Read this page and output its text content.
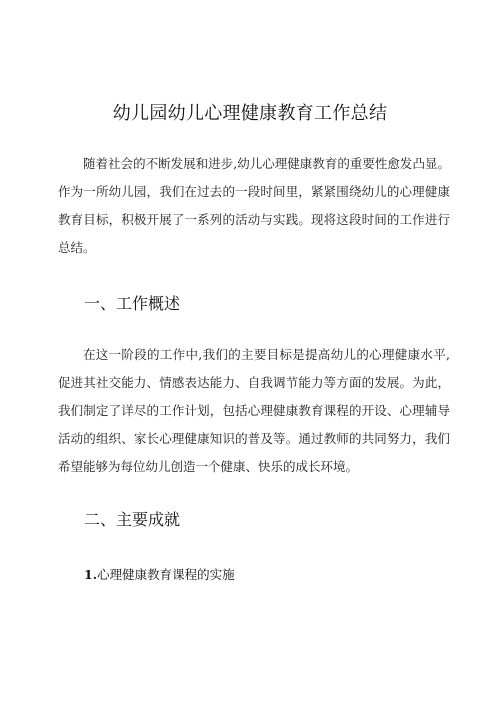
幼儿园幼儿心理健康教育工作总结

随着社会的不断发展和进步,幼儿心理健康教育的重要性愈发凸显。作为一所幼儿园，我们在过去的一段时间里，紧紧围绕幼儿的心理健康教育目标，积极开展了一系列的活动与实践。现将这段时间的工作进行总结。

一、工作概述

在这一阶段的工作中,我们的主要目标是提高幼儿的心理健康水平,促进其社交能力、情感表达能力、自我调节能力等方面的发展。为此，我们制定了详尽的工作计划，包括心理健康教育课程的开设、心理辅导活动的组织、家长心理健康知识的普及等。通过教师的共同努力，我们希望能够为每位幼儿创造一个健康、快乐的成长环境。

二、主要成就
1.心理健康教育课程的实施
